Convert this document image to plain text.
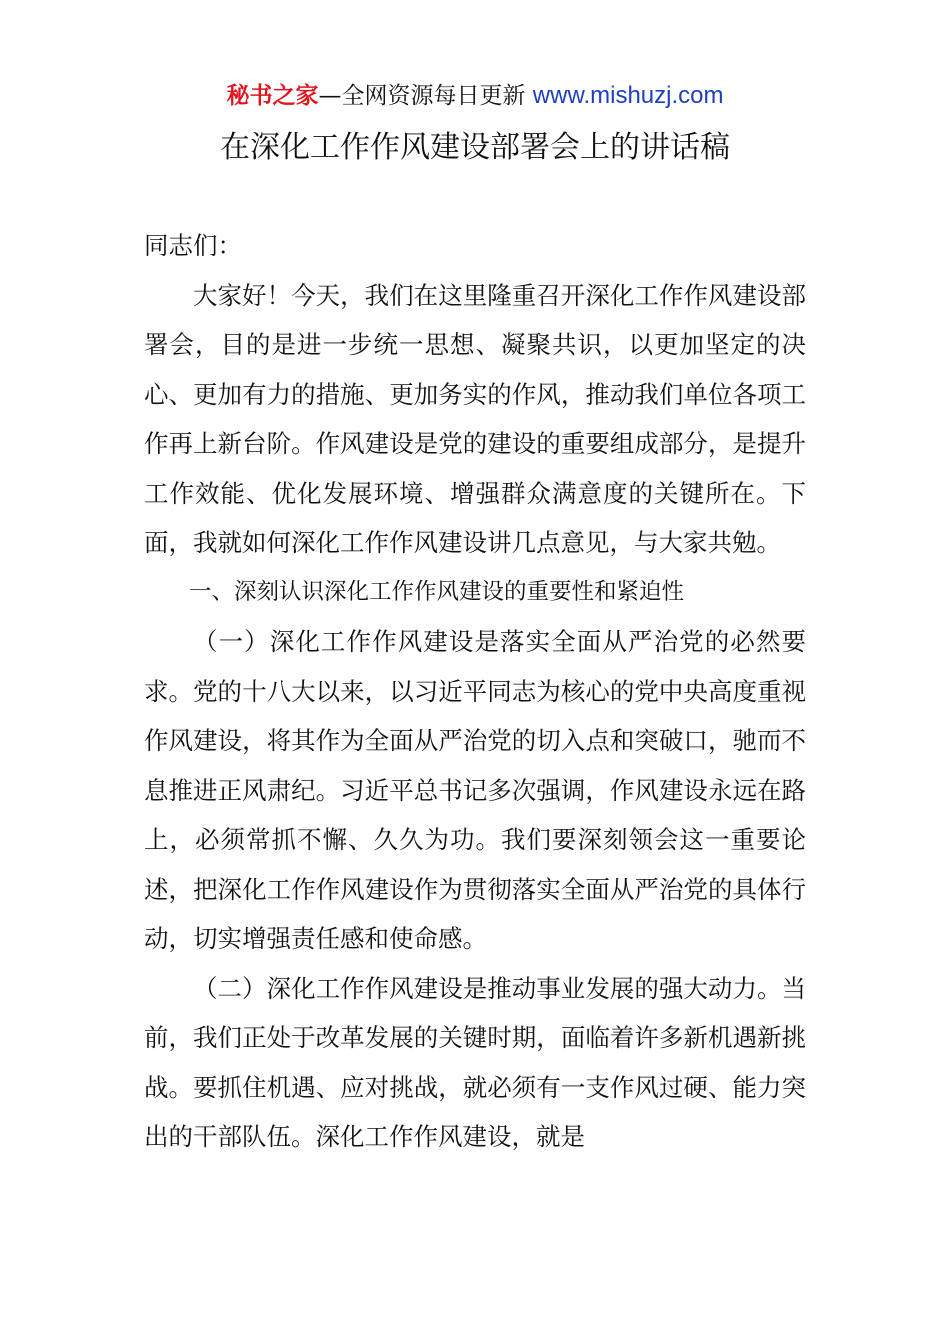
秘书之家—全网资源每日更新 www.mishuzj.com
在深化工作作风建设部署会上的讲话稿

同志们：

大家好！今天，我们在这里隆重召开深化工作作风建设部署会，目的是进一步统一思想、凝聚共识，以更加坚定的决心、更加有力的措施、更加务实的作风，推动我们单位各项工作再上新台阶。作风建设是党的建设的重要组成部分，是提升工作效能、优化发展环境、增强群众满意度的关键所在。下面，我就如何深化工作作风建设讲几点意见，与大家共勉。

一、深刻认识深化工作作风建设的重要性和紧迫性

（一）深化工作作风建设是落实全面从严治党的必然要求。党的十八大以来，以习近平同志为核心的党中央高度重视作风建设，将其作为全面从严治党的切入点和突破口，驰而不息推进正风肃纪。习近平总书记多次强调，作风建设永远在路上，必须常抓不懈、久久为功。我们要深刻领会这一重要论述，把深化工作作风建设作为贯彻落实全面从严治党的具体行动，切实增强责任感和使命感。

（二）深化工作作风建设是推动事业发展的强大动力。当前，我们正处于改革发展的关键时期，面临着许多新机遇新挑战。要抓住机遇、应对挑战，就必须有一支作风过硬、能力突出的干部队伍。深化工作作风建设，就是
